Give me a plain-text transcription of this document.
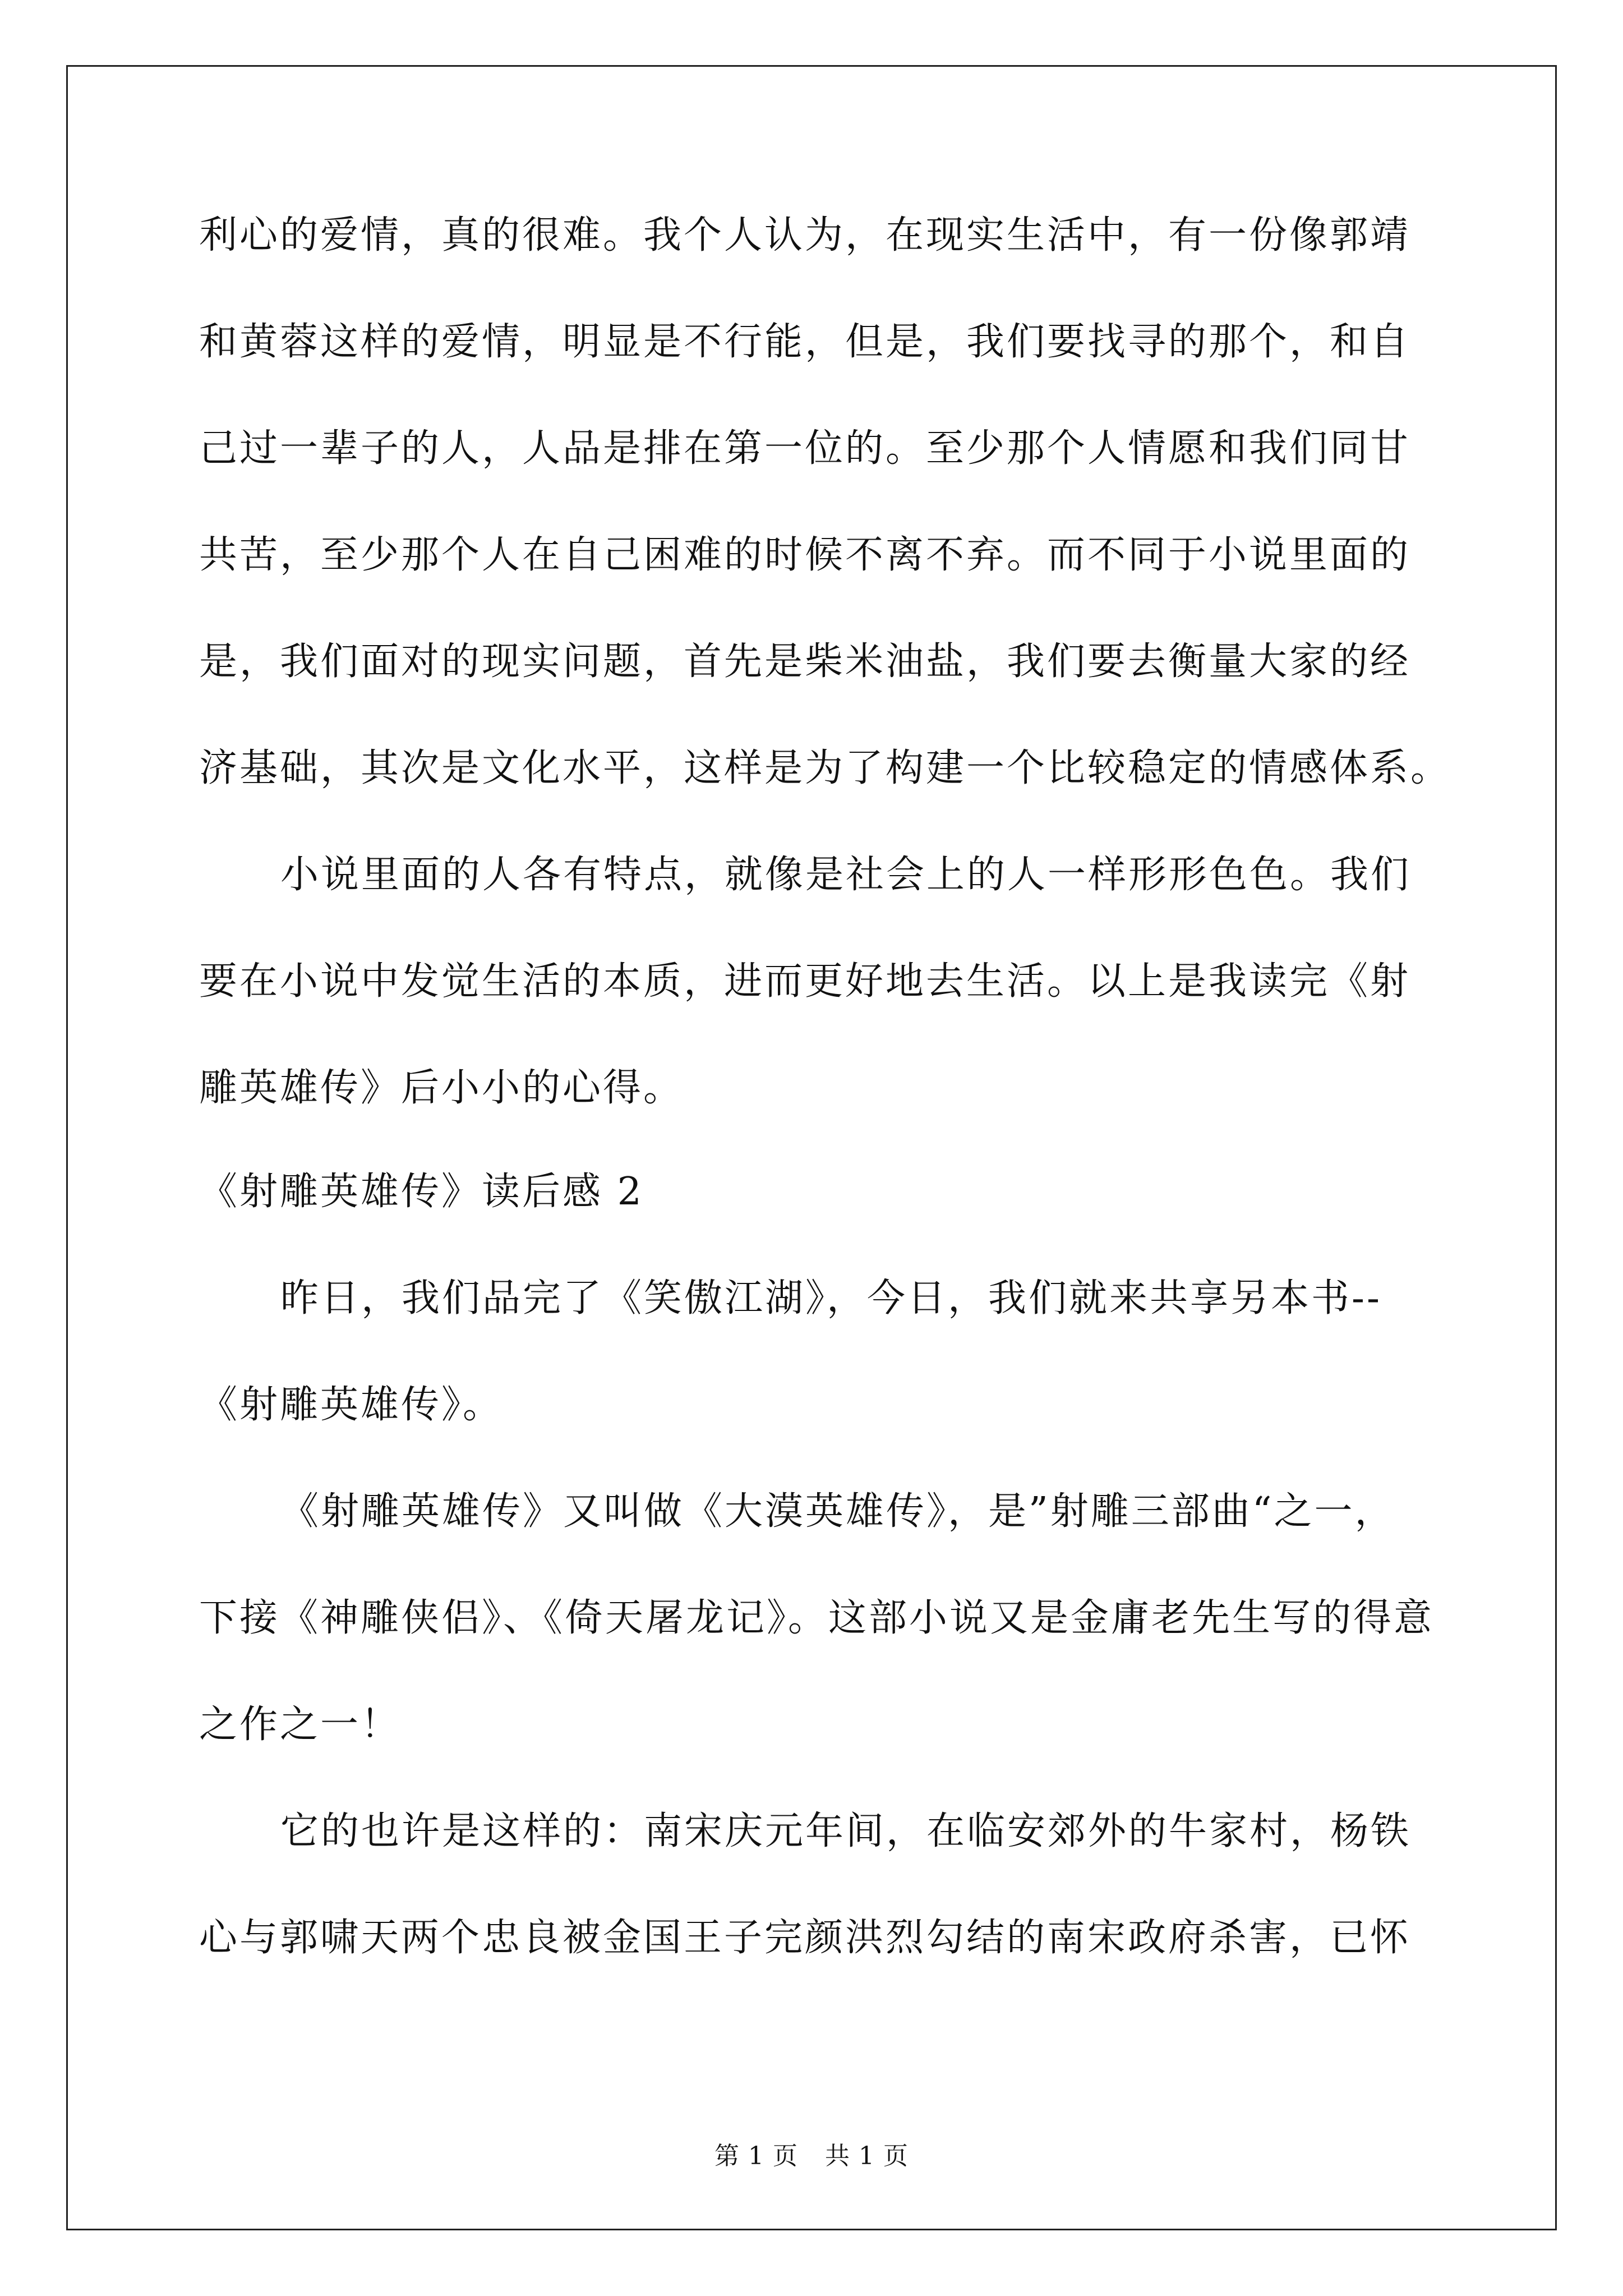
利心的爱情，真的很难。我个人认为，在现实生活中，有一份像郭靖
和黄蓉这样的爱情，明显是不行能，但是，我们要找寻的那个，和自
己过一辈子的人，人品是排在第一位的。至少那个人情愿和我们同甘
共苦，至少那个人在自己困难的时候不离不弃。而不同于小说里面的
是，我们面对的现实问题，首先是柴米油盐，我们要去衡量大家的经
济基础，其次是文化水平，这样是为了构建一个比较稳定的情感体系。
小说里面的人各有特点，就像是社会上的人一样形形色色。我们
要在小说中发觉生活的本质，进而更好地去生活。以上是我读完《射
雕英雄传》后小小的心得。
《射雕英雄传》读后感 2
昨日，我们品完了《笑傲江湖》，今日，我们就来共享另本书--
《射雕英雄传》。
《射雕英雄传》又叫做《大漠英雄传》，是”射雕三部曲“之一，
下接《神雕侠侣》、《倚天屠龙记》。这部小说又是金庸老先生写的得意
之作之一！
它的也许是这样的：南宋庆元年间，在临安郊外的牛家村，杨铁
心与郭啸天两个忠良被金国王子完颜洪烈勾结的南宋政府杀害，已怀
第 1 页 共 1 页
